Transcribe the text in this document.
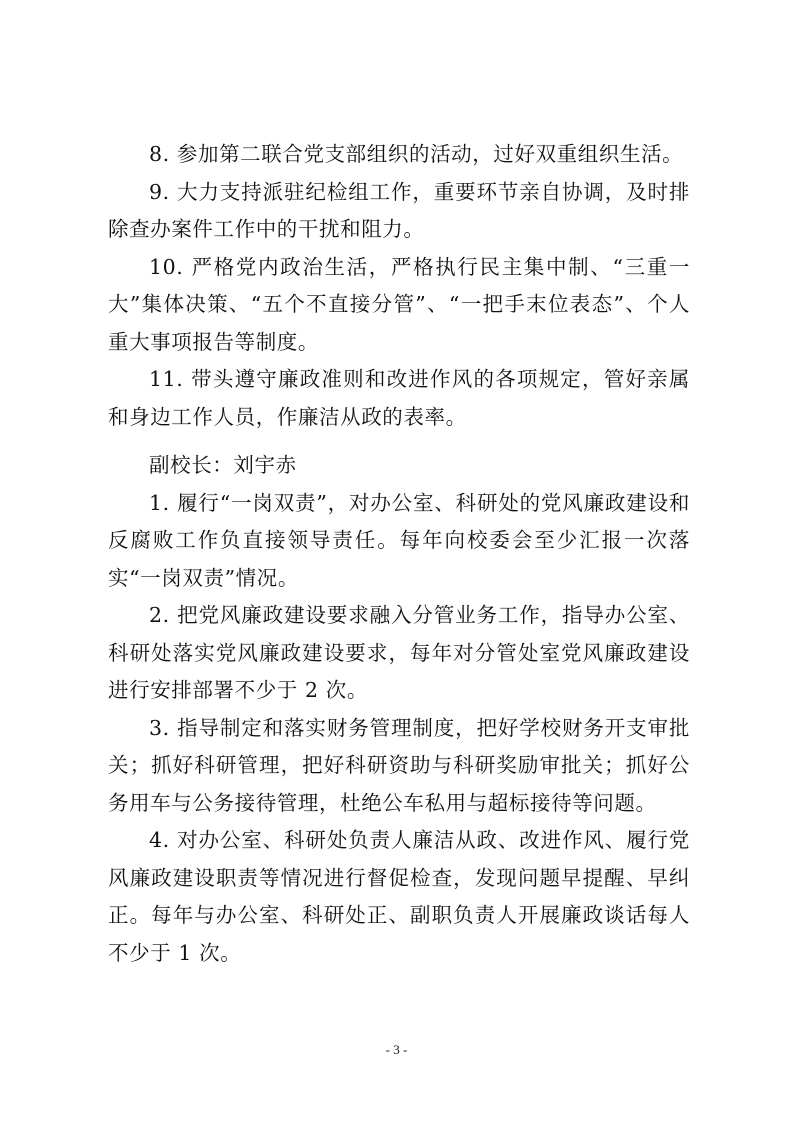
8. 参加第二联合党支部组织的活动，过好双重组织生活。

9. 大力支持派驻纪检组工作，重要环节亲自协调，及时排除查办案件工作中的干扰和阻力。

10. 严格党内政治生活，严格执行民主集中制、“三重一大”集体决策、“五个不直接分管”、“一把手末位表态”、个人重大事项报告等制度。

11. 带头遵守廉政准则和改进作风的各项规定，管好亲属和身边工作人员，作廉洁从政的表率。

副校长：刘宇赤

1. 履行“一岗双责”，对办公室、科研处的党风廉政建设和反腐败工作负直接领导责任。每年向校委会至少汇报一次落实“一岗双责”情况。

2. 把党风廉政建设要求融入分管业务工作，指导办公室、科研处落实党风廉政建设要求，每年对分管处室党风廉政建设进行安排部署不少于 2 次。

3. 指导制定和落实财务管理制度，把好学校财务开支审批关；抓好科研管理，把好科研资助与科研奖励审批关；抓好公务用车与公务接待管理，杜绝公车私用与超标接待等问题。

4. 对办公室、科研处负责人廉洁从政、改进作风、履行党风廉政建设职责等情况进行督促检查，发现问题早提醒、早纠正。每年与办公室、科研处正、副职负责人开展廉政谈话每人不少于 1 次。

- 3 -
